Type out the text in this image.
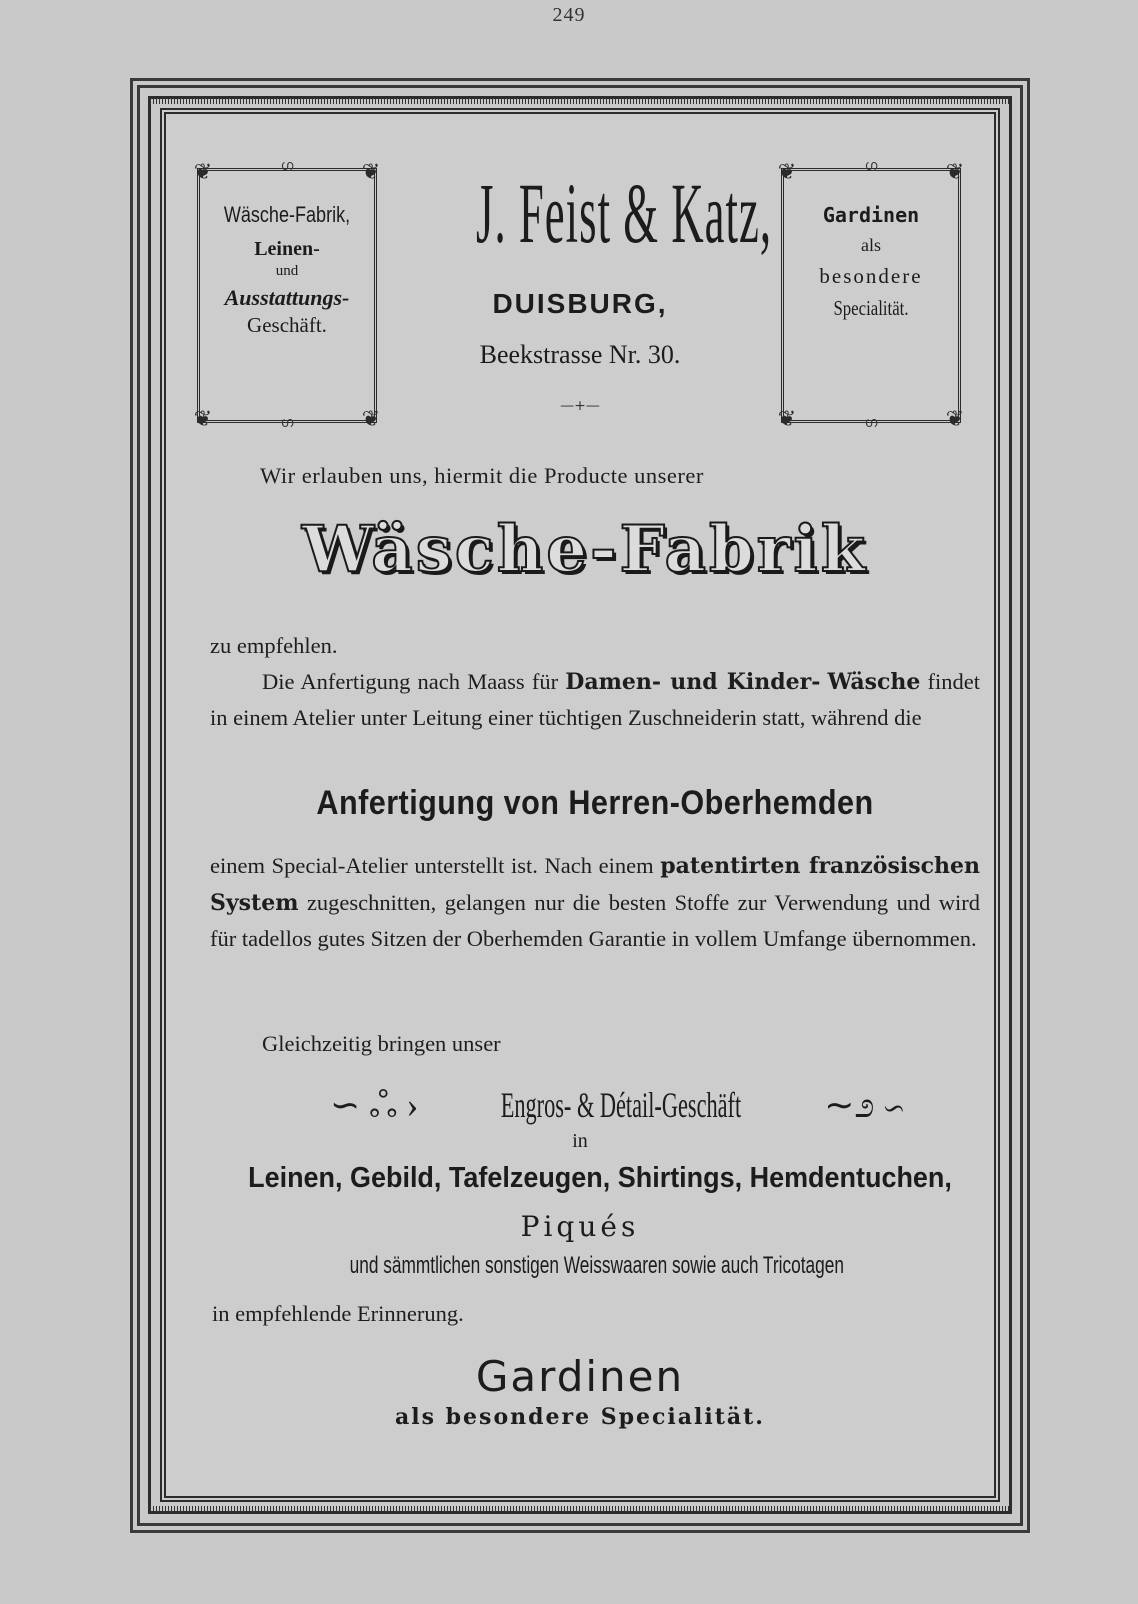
249
❦	❦
❦	❦
ഗ
ഗ
Wäsche-Fabrik,
Leinen-
und
Ausstattungs-
Geschäft.
❦	❦
❦	❦
ഗ
ഗ
Gardinen
als
besondere
Specialität.
J. Feist & Katz,
DUISBURG,
Beekstrasse Nr. 30.
—+—
Wir erlauben uns, hiermit die Producte unserer
Wäsche-Fabrik
zu empfehlen.
Die Anfertigung nach Maass für Damen- und Kinder- Wäsche findet in einem Atelier unter Leitung einer tüchtigen Zuschneiderin statt, während die
Anfertigung von Herren-Oberhemden
einem Special-Atelier unterstellt ist. Nach einem patentirten französischen System zugeschnitten, gelangen nur die besten Stoffe zur Verwendung und wird für tadellos gutes Sitzen der Oberhemden Garantie in vollem Umfange übernommen.
Gleichzeitig bringen unser
∽ ஃ › Engros- & Détail-Geschäft ∼೨ ∽
in
Leinen, Gebild, Tafelzeugen, Shirtings, Hemdentuchen,
Piqués
und sämmtlichen sonstigen Weisswaaren sowie auch Tricotagen
in empfehlende Erinnerung.
Gardinen
als besondere Specialität.
